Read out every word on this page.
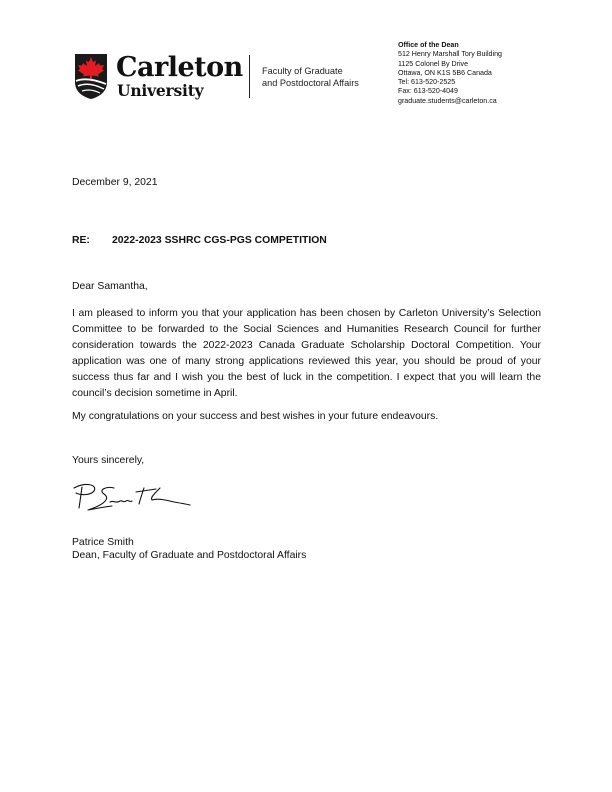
Carleton
University
Faculty of Graduate
and Postdoctoral Affairs
Office of the Dean
512 Henry Marshall Tory Building
1125 Colonel By Drive
Ottawa, ON K1S 5B6 Canada
Tel: 613-520-2525
Fax: 613-520-4049
graduate.students@carleton.ca
December 9, 2021
RE:	2022-2023 SSHRC CGS-PGS COMPETITION
Dear Samantha,
I am pleased to inform you that your application has been chosen by Carleton University’s Selection Committee to be forwarded to the Social Sciences and Humanities Research Council for further consideration towards the 2022-2023 Canada Graduate Scholarship Doctoral Competition. Your application was one of many strong applications reviewed this year, you should be proud of your success thus far and I wish you the best of luck in the competition. I expect that you will learn the council’s decision sometime in April.
My congratulations on your success and best wishes in your future endeavours.
Yours sincerely,
Patrice Smith
Dean, Faculty of Graduate and Postdoctoral Affairs
